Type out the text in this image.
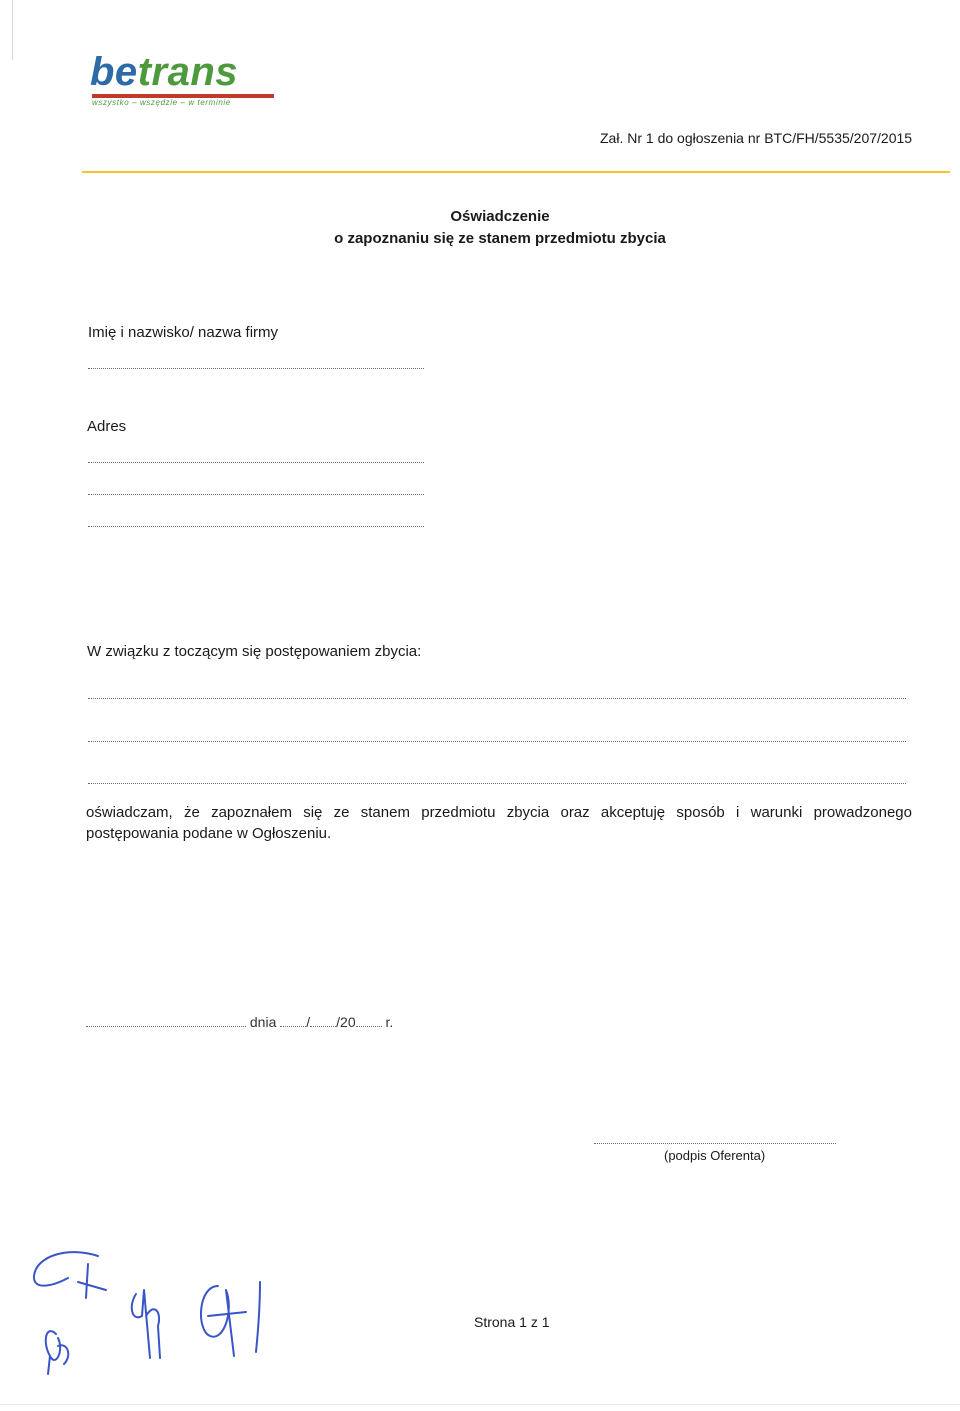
betrans
wszystko – wszędzie – w terminie
Zał. Nr 1 do ogłoszenia nr BTC/FH/5535/207/2015
Oświadczenie
o zapoznaniu się ze stanem przedmiotu zbycia
Imię i nazwisko/ nazwa firmy
Adres
W związku z toczącym się postępowaniem zbycia:
oświadczam, że zapoznałem się ze stanem przedmiotu zbycia oraz akceptuję sposób i warunki prowadzonego postępowania podane w Ogłoszeniu.
dnia / /20 r.
(podpis Oferenta)
Strona 1 z 1
